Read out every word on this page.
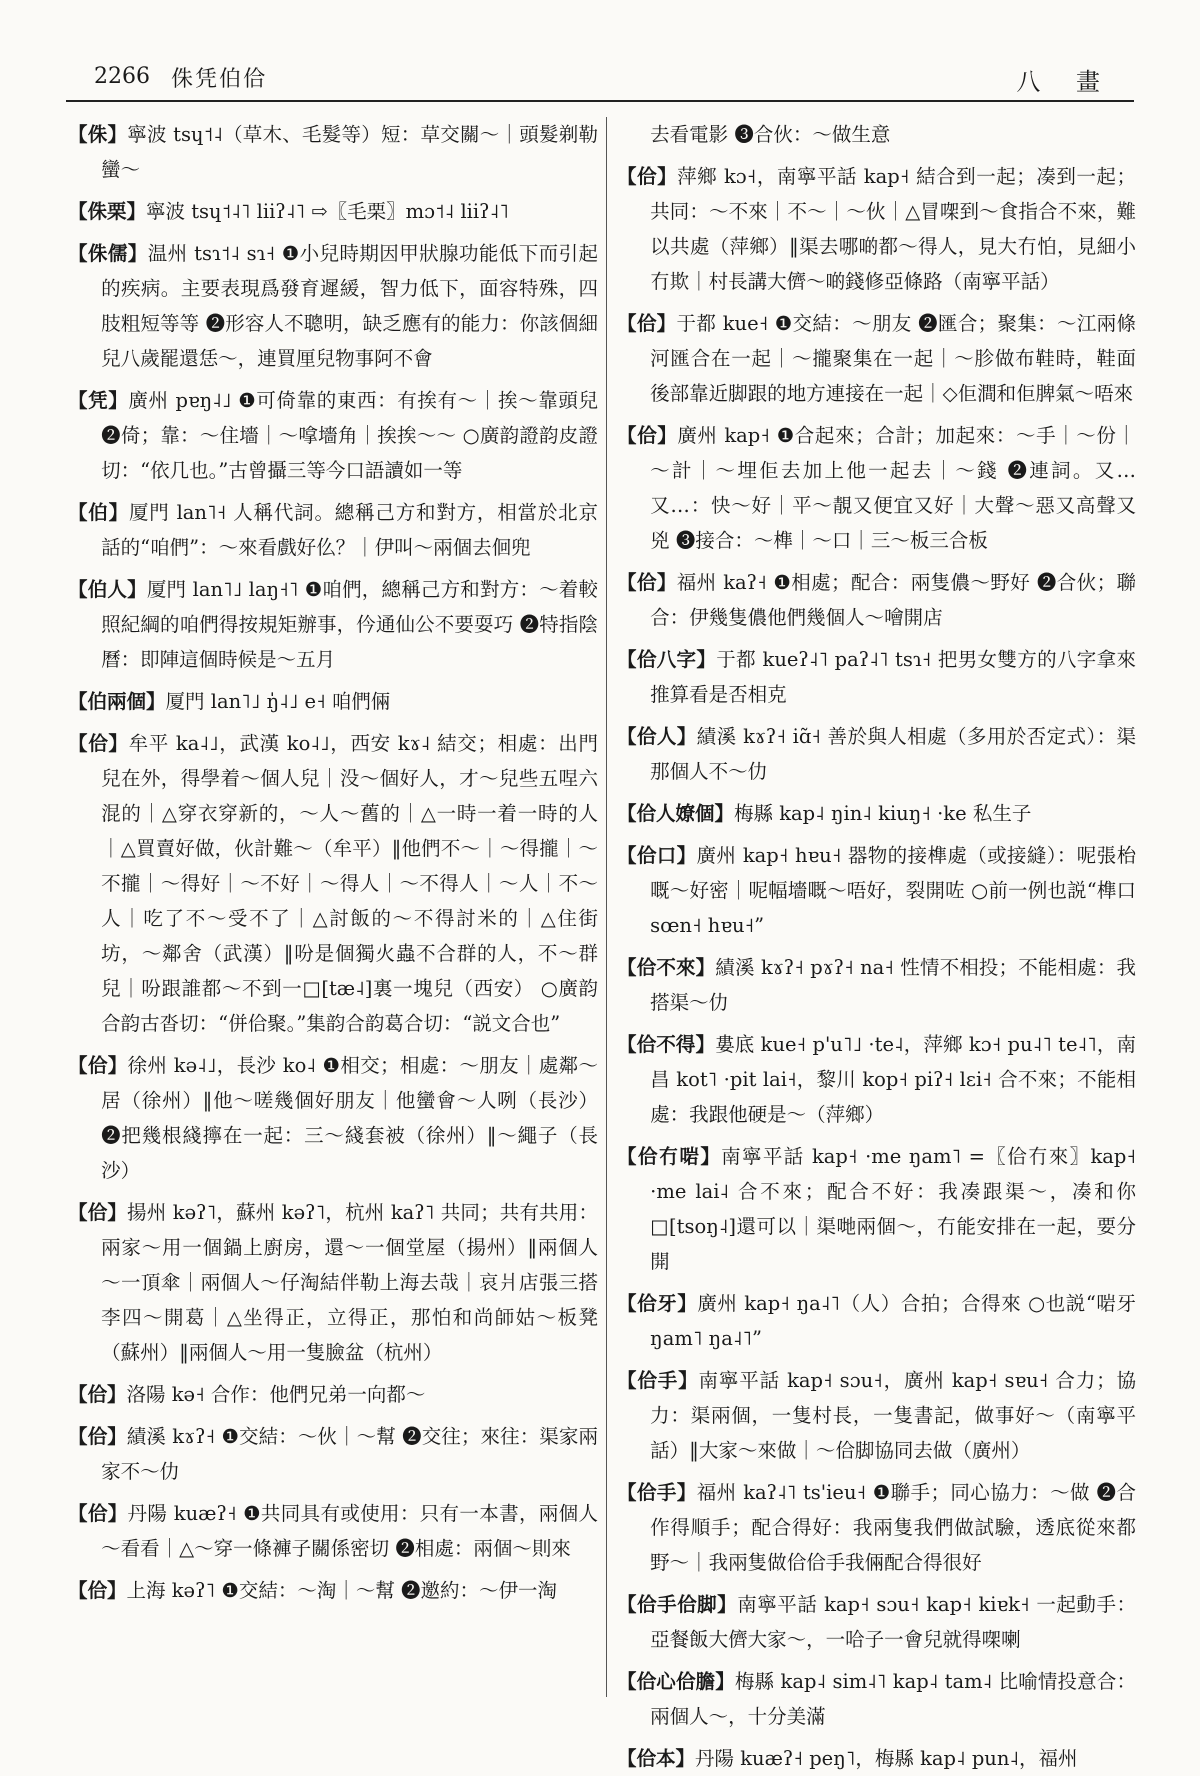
2266 侏凭伯佮	八 畫

【侏】寧波 tsɥ˦˨（草木、毛髮等）短：草交關～｜頭髮剃勒蠻～

【侏栗】寧波 tsɥ˦˨˥ liiʔ˨˥ ⇨〖毛栗〗mɔ˦˨ liiʔ˨˥

【侏儒】温州 tsɿ˦˨ sɿ˧ ❶小兒時期因甲狀腺功能低下而引起的疾病。主要表現爲發育遲緩，智力低下，面容特殊，四肢粗短等等 ❷形容人不聰明，缺乏應有的能力：你該個細兒八歲罷還恁～，連買厘兒物事阿不會

【凭】廣州 pɐŋ˨˩ ❶可倚靠的東西：有挨有～｜挨～靠頭兒 ❷倚；靠：～住墻｜～嗱墻角｜挨挨～～ ○廣韵證韵皮證切：“依几也。”古曾攝三等今口語讀如一等

【伯】厦門 lan˥˧ 人稱代詞。總稱己方和對方，相當於北京話的“咱們”：～來看戲好仫？｜伊叫～兩個去佪兜

【伯人】厦門 lan˥˩ laŋ˧˥ ❶咱們，總稱己方和對方：～着較照紀綱的咱們得按規矩辦事，仱通仙公不要耍巧 ❷特指陰曆：即陣這個時候是～五月

【伯兩個】厦門 lan˥˩ ŋ̍˨˩ e˧ 咱們倆

【佮】牟平 ka˨˩，武漢 ko˨˩，西安 kɤ˨ 結交；相處：出門兒在外，得學着～個人兒｜没～個好人，才～兒些五㖏六混的｜△穿衣穿新的，～人～舊的｜△一時一着一時的人｜△買賣好做，伙計難～（牟平）‖他們不～｜～得攏｜～不攏｜～得好｜～不好｜～得人｜～不得人｜～人｜不～人｜吃了不～受不了｜△討飯的～不得討米的｜△住街坊，～鄰舍（武漢）‖吩是個獨火蟲不合群的人，不～群兒｜吩跟誰都～不到一□[tæ˨]裏一塊兒（西安） ○廣韵合韵古沓切：“併佮聚。”集韵合韵葛合切：“説文合也”

【佮】徐州 kə˨˩，長沙 ko˨ ❶相交；相處：～朋友｜處鄰～居（徐州）‖他～嗟幾個好朋友｜他蠻會～人咧（長沙） ❷把幾根綫擰在一起：三～綫套被（徐州）‖～繩子（長沙）

【佮】揚州 kəʔ˥，蘇州 kəʔ˥，杭州 kaʔ˥ 共同；共有共用：兩家～用一個鍋上廚房，還～一個堂屋（揚州）‖兩個人～一頂傘｜兩個人～仔淘結伴勒上海去哉｜哀爿店張三搭李四～開葛｜△坐得正，立得正，那怕和尚師姑～板凳（蘇州）‖兩個人～用一隻臉盆（杭州）

【佮】洛陽 kə˧ 合作：他們兄弟一向都～

【佮】績溪 kɤʔ˧ ❶交結：～伙｜～幫 ❷交往；來往：渠家兩家不～仂

【佮】丹陽 kuæʔ˧ ❶共同具有或使用：只有一本書，兩個人～看看｜△～穿一條褲子關係密切 ❷相處：兩個～則來

【佮】上海 kəʔ˥ ❶交結：～淘｜～幫 ❷邀約：～伊一淘

去看電影 ❸合伙：～做生意

【佮】萍鄉 kɔ˧，南寧平話 kap˧ 結合到一起；凑到一起；共同：～不來｜不～｜～伙｜△冒㗎到～食指合不來，難以共處（萍鄉）‖渠去哪啲都～得人，見大冇怕，見細小冇欺｜村長講大儕～啲錢修亞條路（南寧平話）

【佮】于都 kue˧ ❶交結：～朋友 ❷匯合；聚集：～江兩條河匯合在一起｜～攏聚集在一起｜～胗做布鞋時，鞋面後部靠近脚跟的地方連接在一起｜◇佢澗和佢脾氣～唔來

【佮】廣州 kap˧ ❶合起來；合計；加起來：～手｜～份｜～計｜～埋佢去加上他一起去｜～錢 ❷連詞。又…又…：快～好｜平～靚又便宜又好｜大聲～惡又高聲又兇 ❸接合：～榫｜～口｜三～板三合板

【佮】福州 kaʔ˧ ❶相處；配合：兩隻儂～野好 ❷合伙；聯合：伊幾隻儂他們幾個人～噲開店

【佮八字】于都 kueʔ˨˥ paʔ˨˥ tsɿ˧ 把男女雙方的八字拿來推算看是否相克

【佮人】績溪 kɤʔ˧ iɑ̃˧ 善於與人相處（多用於否定式）：渠那個人不～仂

【佮人嫽個】梅縣 kap˨ ŋin˨ kiuŋ˧ ·ke 私生子

【佮口】廣州 kap˧ hɐu˧ 器物的接榫處（或接縫）：呢張枱嘅～好密｜呢幅墻嘅～唔好，裂開咗 ○前一例也説“榫口 sœn˧ hɐu˧”

【佮不來】績溪 kɤʔ˧ pɤʔ˧ na˧ 性情不相投；不能相處：我搭渠～仂

【佮不得】婁底 kue˧ p'u˥˩ ·te˨，萍鄉 kɔ˧ pu˨˥ te˨˥，南昌 kot˥ ·pit lai˧，黎川 kop˧ piʔ˧ lɛi˧ 合不來；不能相處：我跟他硬是～（萍鄉）

【佮冇啱】南寧平話 kap˧ ·me ŋam˥ =〖佮冇來〗kap˧ ·me lai˨ 合不來；配合不好：我凑跟渠～，凑和你□[tsoŋ˨]還可以｜渠哋兩個～，冇能安排在一起，要分開

【佮牙】廣州 kap˧ ŋa˨˥（人）合拍；合得來 ○也説“啱牙 ŋam˥ ŋa˨˥”

【佮手】南寧平話 kap˧ sɔu˧，廣州 kap˧ sɐu˧ 合力；協力：渠兩個，一隻村長，一隻書記，做事好～（南寧平話）‖大家～來做｜～佮脚協同去做（廣州）

【佮手】福州 kaʔ˨˥ ts'ieu˧ ❶聯手；同心協力：～做 ❷合作得順手；配合得好：我兩隻我們做試驗，透底從來都野～｜我兩隻做佮佮手我倆配合得很好

【佮手佮脚】南寧平話 kap˧ sɔu˧ kap˧ kiɐk˧ 一起動手：亞餐飯大儕大家～，一哈子一會兒就得㗎喇

【佮心佮膽】梅縣 kap˨ sim˨˥ kap˨ tam˨ 比喻情投意合：兩個人～，十分美滿

【佮本】丹陽 kuæʔ˧ peŋ˥，梅縣 kap˨ pun˨，福州
